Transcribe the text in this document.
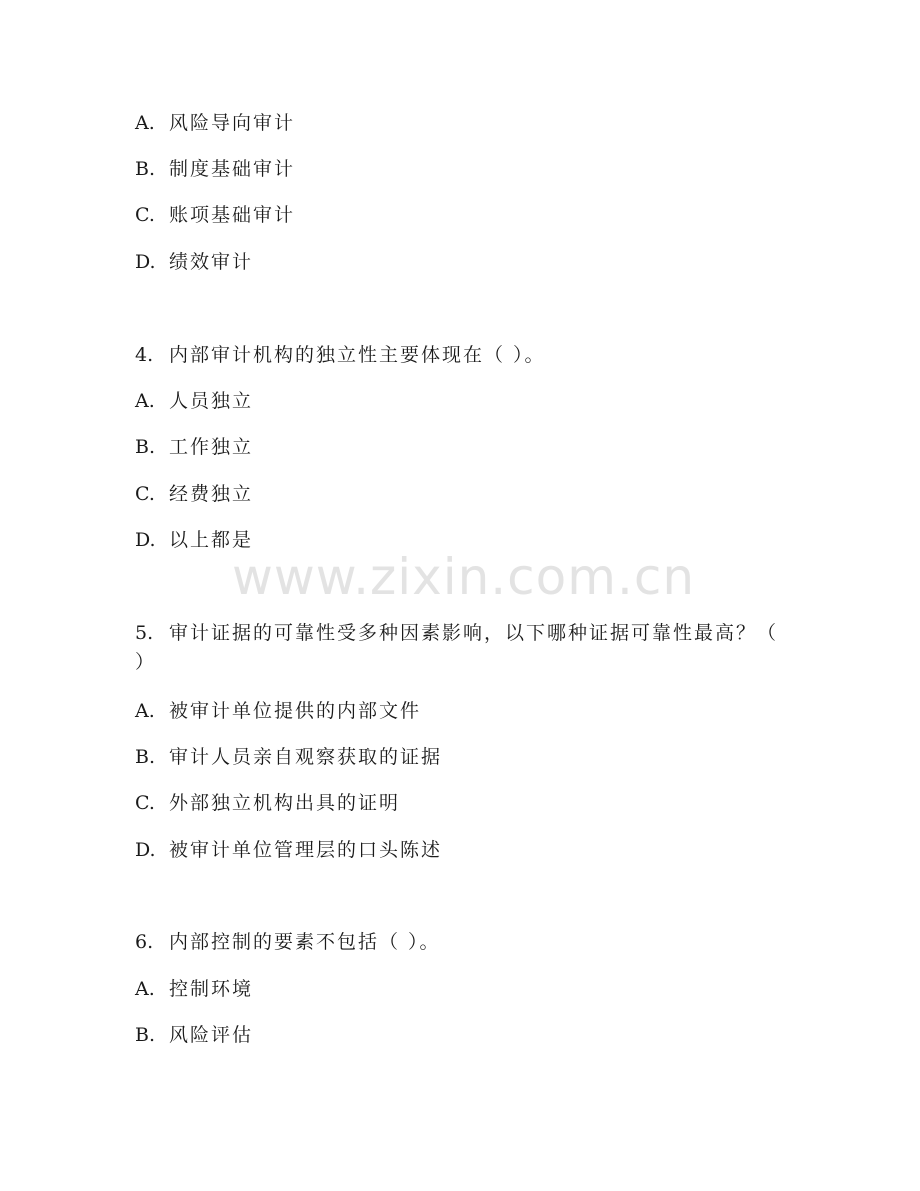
A. 风险导向审计
B. 制度基础审计
C. 账项基础审计
D. 绩效审计
4. 内部审计机构的独立性主要体现在（ ）。
A. 人员独立
B. 工作独立
C. 经费独立
D. 以上都是
www.zixin.com.cn
5. 审计证据的可靠性受多种因素影响，以下哪种证据可靠性最高？（ ）
A. 被审计单位提供的内部文件
B. 审计人员亲自观察获取的证据
C. 外部独立机构出具的证明
D. 被审计单位管理层的口头陈述
6. 内部控制的要素不包括（ ）。
A. 控制环境
B. 风险评估
